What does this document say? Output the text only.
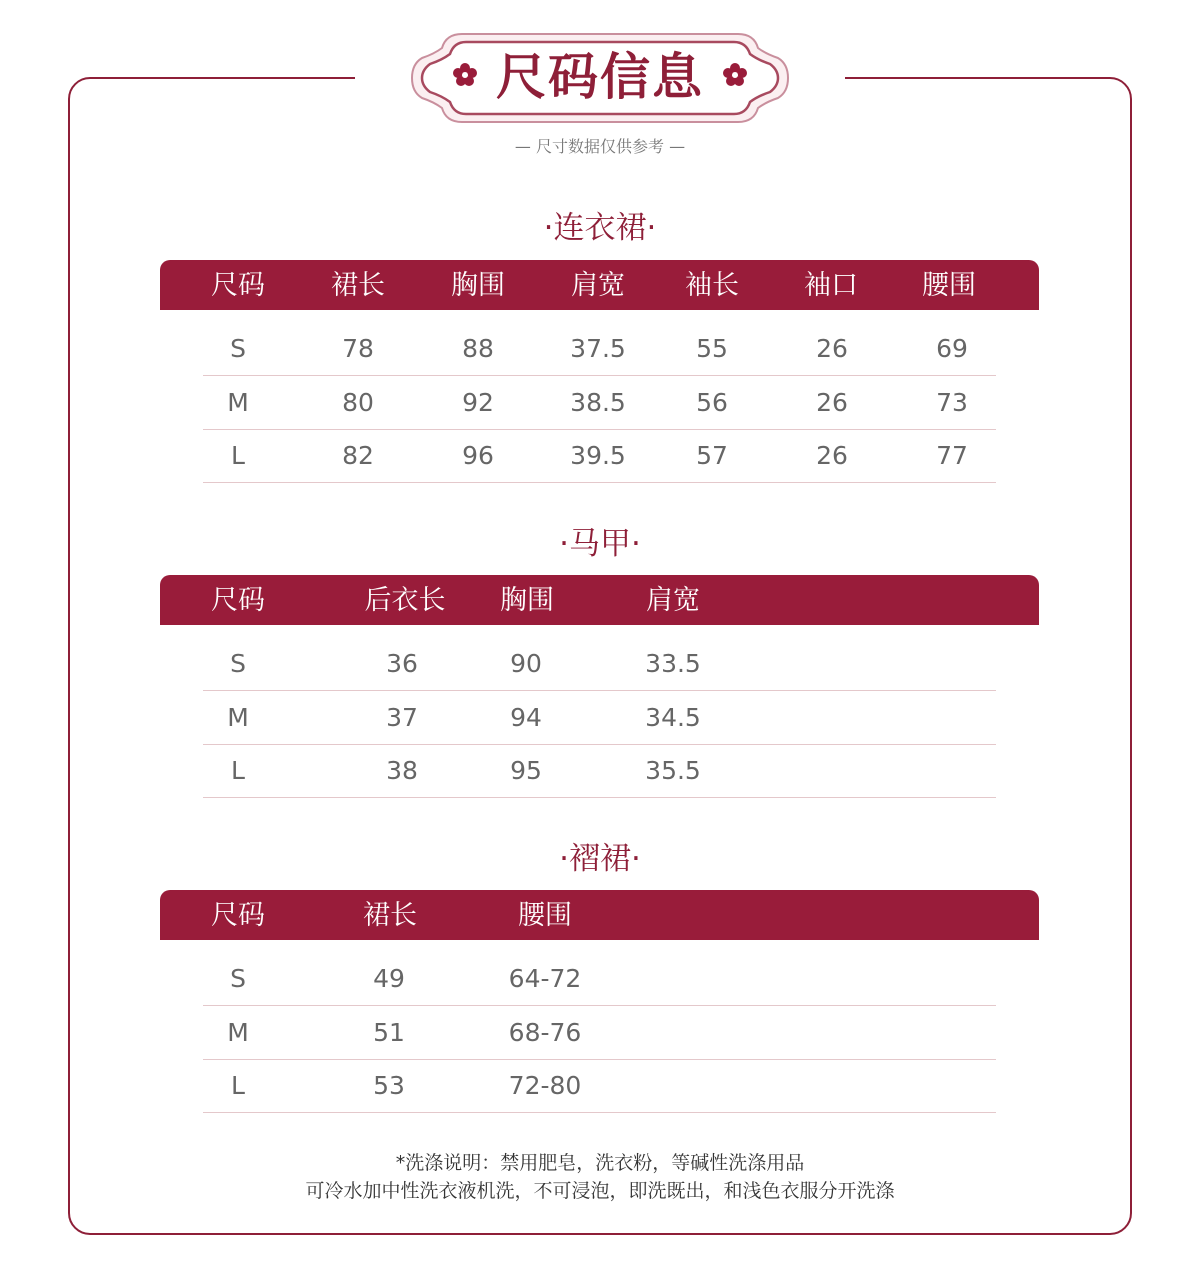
尺码信息
— 尺寸数据仅供参考 —
·连衣裙·
尺码 裙长 胸围 肩宽 袖长 袖口 腰围
S	78	88	37.5	55	26	69
M	80	92	38.5	56	26	73
L	82	96	39.5	57	26	77
·马甲·
尺码	后衣长 胸围	肩宽
S	36	90	33.5
M	37	94	34.5
L	38	95	35.5
·褶裙·
尺码	裙长	腰围
S	49	64-72
M	51	68-76
L	53	72-80
*洗涤说明：禁用肥皂，洗衣粉，等碱性洗涤用品
可冷水加中性洗衣液机洗，不可浸泡，即洗既出，和浅色衣服分开洗涤
